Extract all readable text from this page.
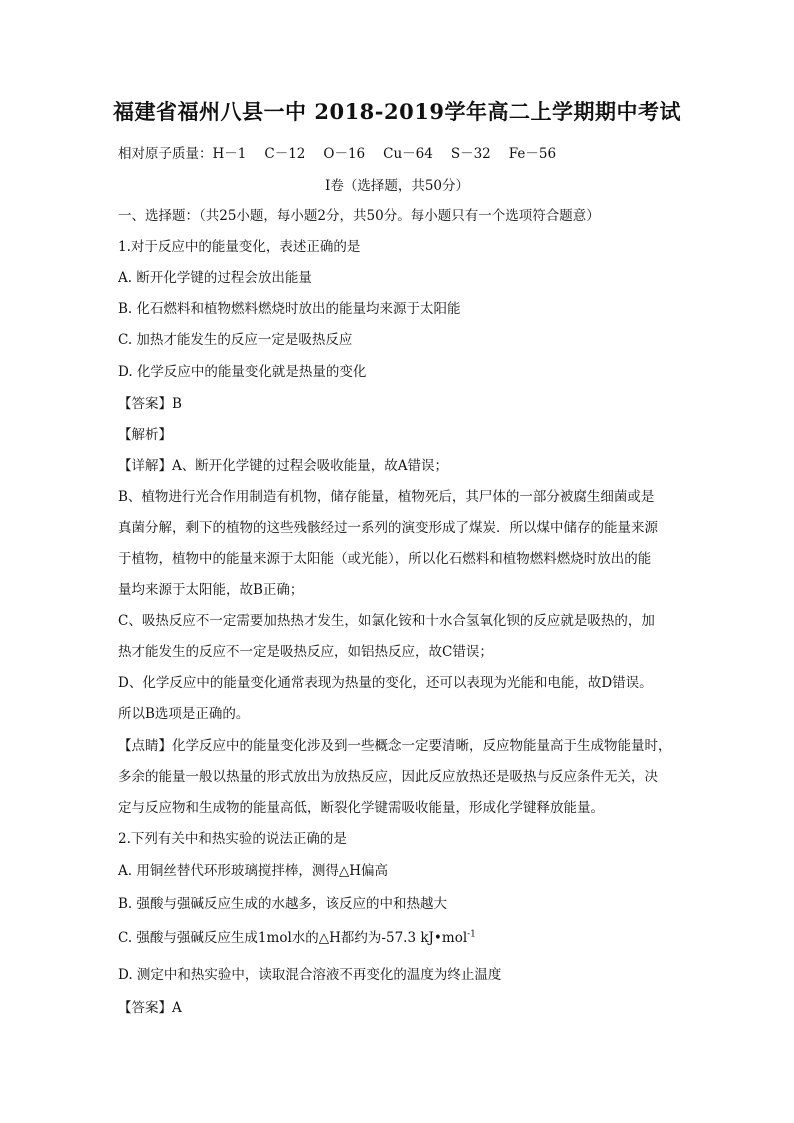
福建省福州八县一中 2018-2019学年高二上学期期中考试
相对原子质量：H－1 C－12 O－16 Cu－64 S－32 Fe－56
Ⅰ卷（选择题，共50分）
一、选择题：（共25小题，每小题2分，共50分。每小题只有一个选项符合题意）
1.对于反应中的能量变化，表述正确的是
A. 断开化学键的过程会放出能量
B. 化石燃料和植物燃料燃烧时放出的能量均来源于太阳能
C. 加热才能发生的反应一定是吸热反应
D. 化学反应中的能量变化就是热量的变化
【答案】B
【解析】
【详解】A、断开化学键的过程会吸收能量，故A错误；
B、植物进行光合作用制造有机物，储存能量，植物死后，其尸体的一部分被腐生细菌或是
真菌分解，剩下的植物的这些残骸经过一系列的演变形成了煤炭．所以煤中储存的能量来源
于植物，植物中的能量来源于太阳能（或光能），所以化石燃料和植物燃料燃烧时放出的能
量均来源于太阳能，故B正确；
C、吸热反应不一定需要加热热才发生，如氯化铵和十水合氢氧化钡的反应就是吸热的，加
热才能发生的反应不一定是吸热反应，如铝热反应，故C错误；
D、化学反应中的能量变化通常表现为热量的变化，还可以表现为光能和电能，故D错误。
所以B选项是正确的。
【点睛】化学反应中的能量变化涉及到一些概念一定要清晰，反应物能量高于生成物能量时，
多余的能量一般以热量的形式放出为放热反应，因此反应放热还是吸热与反应条件无关，决
定与反应物和生成物的能量高低，断裂化学键需吸收能量，形成化学键释放能量。
2.下列有关中和热实验的说法正确的是
A. 用铜丝替代环形玻璃搅拌棒，测得△H偏高
B. 强酸与强碱反应生成的水越多，该反应的中和热越大
C. 强酸与强碱反应生成1mol水的△H都约为-57.3 kJ•mol$^{-1}$
D. 测定中和热实验中，读取混合溶液不再变化的温度为终止温度
【答案】A
